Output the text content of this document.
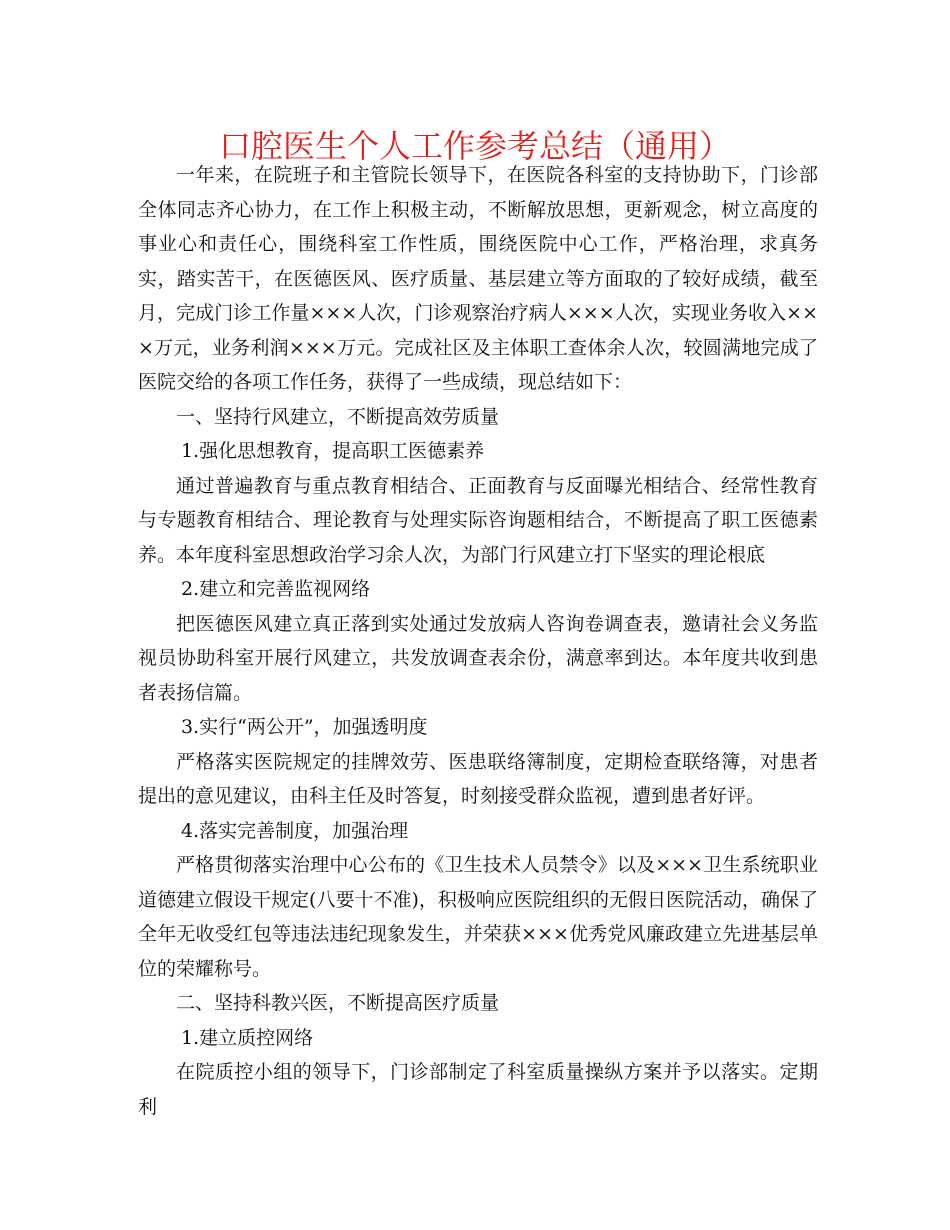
口腔医生个人工作参考总结（通用）

一年来，在院班子和主管院长领导下，在医院各科室的支持协助下，门诊部全体同志齐心协力，在工作上积极主动，不断解放思想，更新观念，树立高度的事业心和责任心，围绕科室工作性质，围绕医院中心工作，严格治理，求真务实，踏实苦干，在医德医风、医疗质量、基层建立等方面取的了较好成绩，截至月，完成门诊工作量×××人次，门诊观察治疗病人×××人次，实现业务收入×××万元，业务利润×××万元。完成社区及主体职工查体余人次，较圆满地完成了医院交给的各项工作任务，获得了一些成绩，现总结如下：

一、坚持行风建立，不断提高效劳质量

1.强化思想教育，提高职工医德素养

通过普遍教育与重点教育相结合、正面教育与反面曝光相结合、经常性教育与专题教育相结合、理论教育与处理实际咨询题相结合，不断提高了职工医德素养。本年度科室思想政治学习余人次，为部门行风建立打下坚实的理论根底

2.建立和完善监视网络

把医德医风建立真正落到实处通过发放病人咨询卷调查表，邀请社会义务监视员协助科室开展行风建立，共发放调查表余份，满意率到达。本年度共收到患者表扬信篇。

3.实行“两公开”，加强透明度

严格落实医院规定的挂牌效劳、医患联络簿制度，定期检查联络簿，对患者提出的意见建议，由科主任及时答复，时刻接受群众监视，遭到患者好评。

4.落实完善制度，加强治理

严格贯彻落实治理中心公布的《卫生技术人员禁令》以及×××卫生系统职业道德建立假设干规定(八要十不准)，积极响应医院组织的无假日医院活动，确保了全年无收受红包等违法违纪现象发生，并荣获×××优秀党风廉政建立先进基层单位的荣耀称号。

二、坚持科教兴医，不断提高医疗质量

1.建立质控网络

在院质控小组的领导下，门诊部制定了科室质量操纵方案并予以落实。定期利
